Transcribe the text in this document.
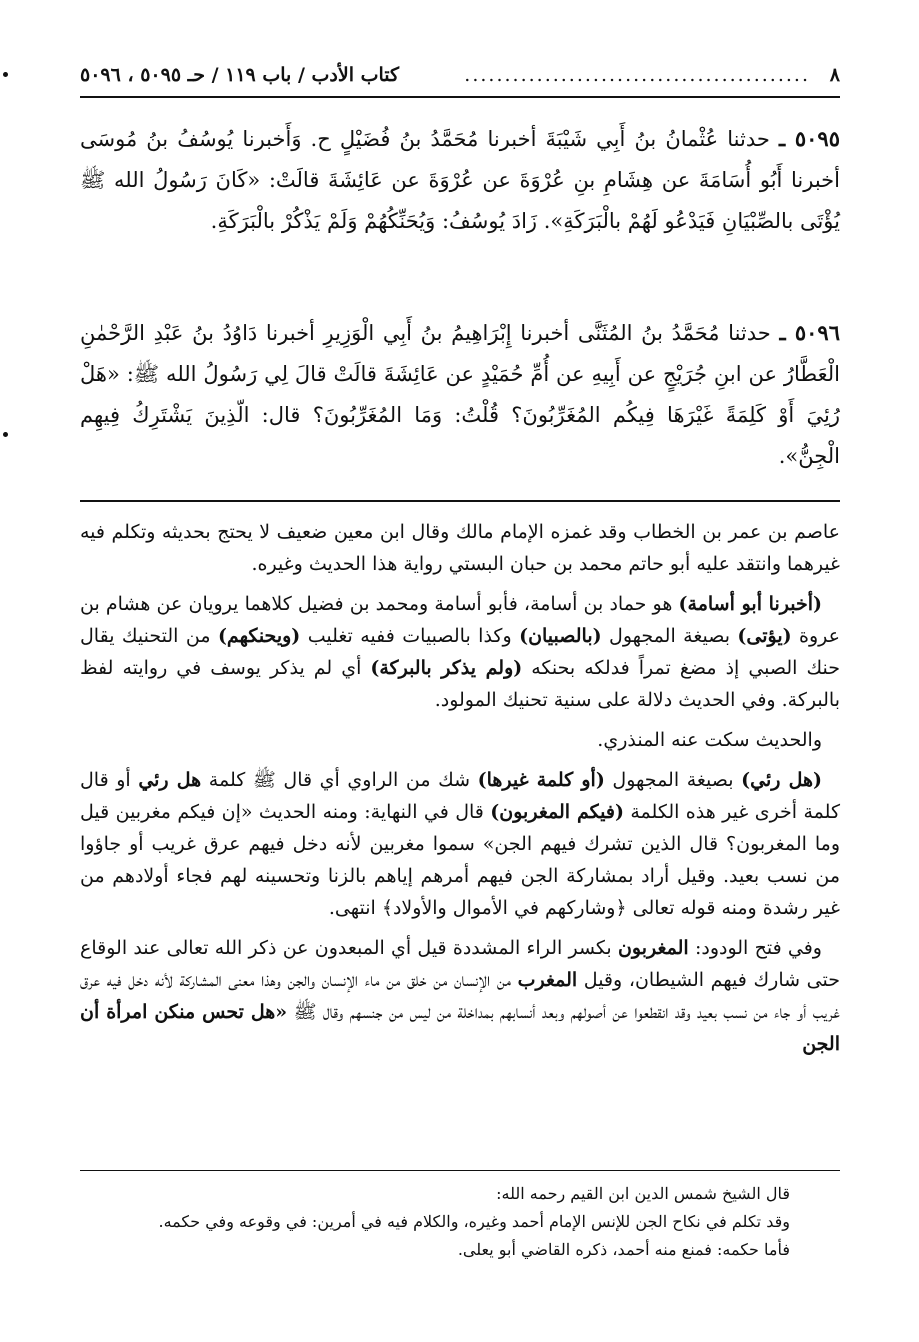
٨
...........................................
كتاب الأدب / باب ١١٩ / حـ ٥٠٩٥ ، ٥٠٩٦
٥٠٩٥ ـ حدثنا عُثْمانُ بنُ أَبِي شَيْبَةَ أخبرنا مُحَمَّدُ بنُ فُضَيْلٍ ح. وَأَخبرنا يُوسُفُ بنُ مُوسَى أخبرنا أَبُو أُسَامَةَ عن هِشَامِ بنِ عُرْوَةَ عن عُرْوَةَ عن عَائِشَةَ قالَتْ: «كَانَ رَسُولُ الله ﷺ يُؤْتَى بالصِّبْيَانِ فَيَدْعُو لَهُمْ بالْبَرَكَةِ». زَادَ يُوسُفُ: وَيُحَنِّكُهُمْ وَلَمْ يَذْكُرْ بالْبَرَكَةِ.
٥٠٩٦ ـ حدثنا مُحَمَّدُ بنُ المُثَنَّى أخبرنا إِبْرَاهِيمُ بنُ أَبِي الْوَزِيرِ أخبرنا دَاوُدُ بنُ عَبْدِ الرَّحْمٰنِ الْعَطَّارُ عن ابنِ جُرَيْجٍ عن أَبِيهِ عن أُمِّ حُمَيْدٍ عن عَائِشَةَ قالَتْ قالَ لِي رَسُولُ الله ﷺ: «هَلْ رُئِيَ أَوْ كَلِمَةً غَيْرَهَا فِيكُم المُغَرِّبُونَ؟ قُلْتُ: وَمَا المُغَرِّبُونَ؟ قال: الّذِينَ يَشْتَرِكُ فِيهِم الْجِنُّ».

عاصم بن عمر بن الخطاب وقد غمزه الإمام مالك وقال ابن معين ضعيف لا يحتج بحديثه وتكلم فيه غيرهما وانتقد عليه أبو حاتم محمد بن حبان البستي رواية هذا الحديث وغيره.

(أخبرنا أبو أسامة) هو حماد بن أسامة، فأبو أسامة ومحمد بن فضيل كلاهما يرويان عن هشام بن عروة (يؤتى) بصيغة المجهول (بالصبيان) وكذا بالصبيات ففيه تغليب (ويحنكهم) من التحنيك يقال حنك الصبي إذ مضغ تمراً فدلكه بحنكه (ولم يذكر بالبركة) أي لم يذكر يوسف في روايته لفظ بالبركة. وفي الحديث دلالة على سنية تحنيك المولود.

والحديث سكت عنه المنذري.

(هل رئي) بصيغة المجهول (أو كلمة غيرها) شك من الراوي أي قال ﷺ كلمة هل رئي أو قال كلمة أخرى غير هذه الكلمة (فيكم المغربون) قال في النهاية: ومنه الحديث «إن فيكم مغربين قيل وما المغربون؟ قال الذين تشرك فيهم الجن» سموا مغربين لأنه دخل فيهم عرق غريب أو جاؤوا من نسب بعيد. وقيل أراد بمشاركة الجن فيهم أمرهم إياهم بالزنا وتحسينه لهم فجاء أولادهم من غير رشدة ومنه قوله تعالى ﴿وشاركهم في الأموال والأولاد﴾ انتهى.

وفي فتح الودود: المغربون بكسر الراء المشددة قيل أي المبعدون عن ذكر الله تعالى عند الوقاع حتى شارك فيهم الشيطان، وقيل المغرب من الإنسان من خلق من ماء الإنسان والجن وهذا معنى المشاركة لأنه دخل فيه عرق غريب أو جاء من نسب بعيد وقد انقطعوا عن أصولهم وبعد أنسابهم بمداخلة من ليس من جنسهم وقال ﷺ «هل تحس منكن امرأة أن الجن

قال الشيخ شمس الدين ابن القيم رحمه الله:
وقد تكلم في نكاح الجن للإنس الإمام أحمد وغيره، والكلام فيه في أمرين: في وقوعه وفي حكمه.
فأما حكمه: فمنع منه أحمد، ذكره القاضي أبو يعلى.
